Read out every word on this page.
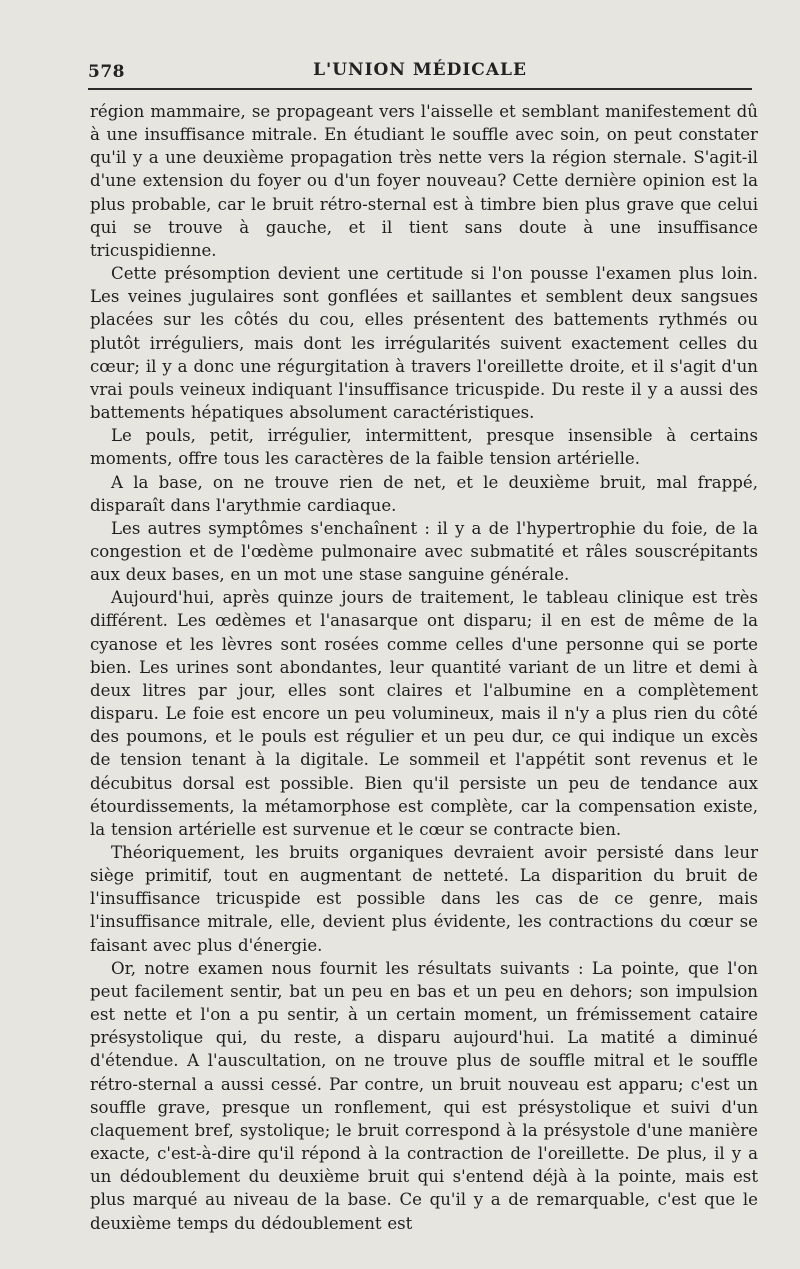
578	L'UNION MÉDICALE

région mammaire, se propageant vers l'aisselle et semblant manifestement dû à une insuffisance mitrale. En étudiant le souffle avec soin, on peut constater qu'il y a une deuxième propagation très nette vers la région sternale. S'agit-il d'une extension du foyer ou d'un foyer nouveau? Cette dernière opinion est la plus probable, car le bruit rétro-sternal est à timbre bien plus grave que celui qui se trouve à gauche, et il tient sans doute à une insuffisance tricuspidienne.

Cette présomption devient une certitude si l'on pousse l'examen plus loin. Les veines jugulaires sont gonflées et saillantes et semblent deux sangsues placées sur les côtés du cou, elles présentent des battements rythmés ou plutôt irréguliers, mais dont les irrégularités suivent exactement celles du cœur; il y a donc une régurgitation à travers l'oreillette droite, et il s'agit d'un vrai pouls veineux indiquant l'insuffisance tricuspide. Du reste il y a aussi des battements hépatiques absolument caractéristiques.

Le pouls, petit, irrégulier, intermittent, presque insensible à certains moments, offre tous les caractères de la faible tension artérielle.

A la base, on ne trouve rien de net, et le deuxième bruit, mal frappé, disparaît dans l'arythmie cardiaque.

Les autres symptômes s'enchaînent : il y a de l'hypertrophie du foie, de la congestion et de l'œdème pulmonaire avec submatité et râles souscrépitants aux deux bases, en un mot une stase sanguine générale.

Aujourd'hui, après quinze jours de traitement, le tableau clinique est très différent. Les œdèmes et l'anasarque ont disparu; il en est de même de la cyanose et les lèvres sont rosées comme celles d'une personne qui se porte bien. Les urines sont abondantes, leur quantité variant de un litre et demi à deux litres par jour, elles sont claires et l'albumine en a complètement disparu. Le foie est encore un peu volumineux, mais il n'y a plus rien du côté des poumons, et le pouls est régulier et un peu dur, ce qui indique un excès de tension tenant à la digitale. Le sommeil et l'appétit sont revenus et le décubitus dorsal est possible. Bien qu'il persiste un peu de tendance aux étourdissements, la métamorphose est complète, car la compensation existe, la tension artérielle est survenue et le cœur se contracte bien.

Théoriquement, les bruits organiques devraient avoir persisté dans leur siège primitif, tout en augmentant de netteté. La disparition du bruit de l'insuffisance tricuspide est possible dans les cas de ce genre, mais l'insuffisance mitrale, elle, devient plus évidente, les contractions du cœur se faisant avec plus d'énergie.

Or, notre examen nous fournit les résultats suivants : La pointe, que l'on peut facilement sentir, bat un peu en bas et un peu en dehors; son impulsion est nette et l'on a pu sentir, à un certain moment, un frémissement cataire présystolique qui, du reste, a disparu aujourd'hui. La matité a diminué d'étendue. A l'auscultation, on ne trouve plus de souffle mitral et le souffle rétro-sternal a aussi cessé. Par contre, un bruit nouveau est apparu; c'est un souffle grave, presque un ronflement, qui est présystolique et suivi d'un claquement bref, systolique; le bruit correspond à la présystole d'une manière exacte, c'est-à-dire qu'il répond à la contraction de l'oreillette. De plus, il y a un dédoublement du deuxième bruit qui s'entend déjà à la pointe, mais est plus marqué au niveau de la base. Ce qu'il y a de remarquable, c'est que le deuxième temps du dédoublement est
